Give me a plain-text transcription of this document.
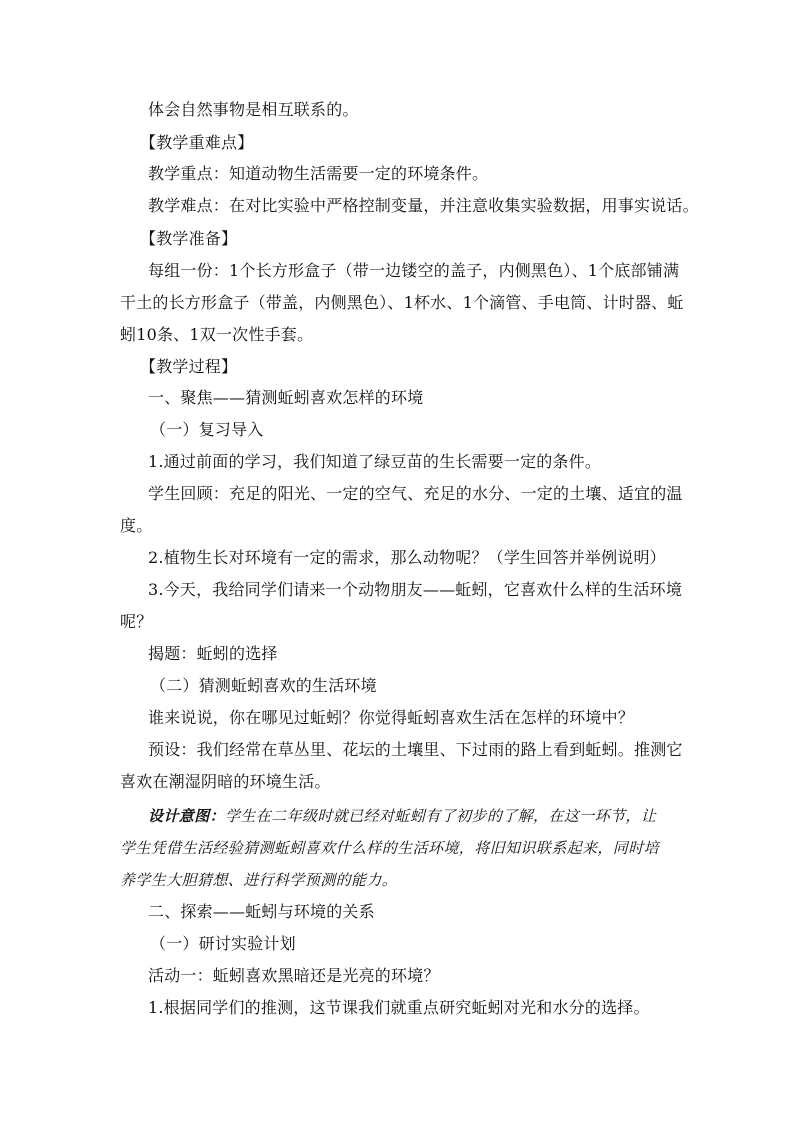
体会自然事物是相互联系的。
【教学重难点】
教学重点：知道动物生活需要一定的环境条件。
教学难点：在对比实验中严格控制变量，并注意收集实验数据，用事实说话。
【教学准备】
每组一份：1个长方形盒子（带一边镂空的盖子，内侧黑色）、1个底部铺满
干土的长方形盒子（带盖，内侧黑色）、1杯水、1个滴管、手电筒、计时器、蚯
蚓10条、1双一次性手套。
【教学过程】
一、聚焦——猜测蚯蚓喜欢怎样的环境
（一）复习导入
1.通过前面的学习，我们知道了绿豆苗的生长需要一定的条件。
学生回顾：充足的阳光、一定的空气、充足的水分、一定的土壤、适宜的温
度。
2.植物生长对环境有一定的需求，那么动物呢？（学生回答并举例说明）
3.今天，我给同学们请来一个动物朋友——蚯蚓，它喜欢什么样的生活环境
呢？
揭题：蚯蚓的选择
（二）猜测蚯蚓喜欢的生活环境
谁来说说，你在哪见过蚯蚓？你觉得蚯蚓喜欢生活在怎样的环境中？
预设：我们经常在草丛里、花坛的土壤里、下过雨的路上看到蚯蚓。推测它
喜欢在潮湿阴暗的环境生活。
设计意图：学生在二年级时就已经对蚯蚓有了初步的了解，在这一环节，让
学生凭借生活经验猜测蚯蚓喜欢什么样的生活环境，将旧知识联系起来，同时培
养学生大胆猜想、进行科学预测的能力。
二、探索——蚯蚓与环境的关系
（一）研讨实验计划
活动一：蚯蚓喜欢黑暗还是光亮的环境？
1.根据同学们的推测，这节课我们就重点研究蚯蚓对光和水分的选择。
